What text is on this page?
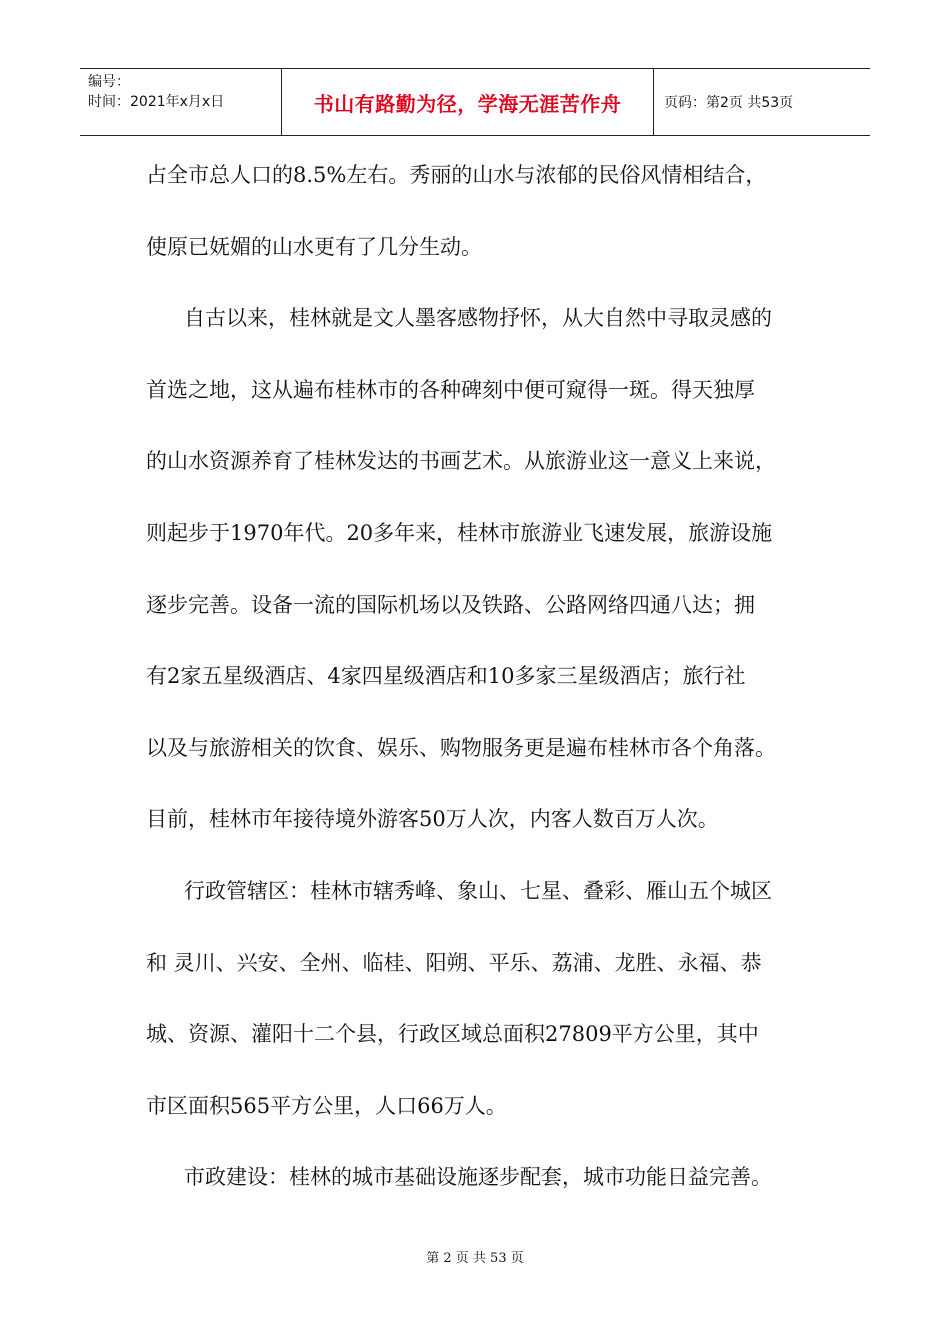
编号：
时间：2021年x月x日	书山有路勤为径，学海无涯苦作舟	页码：第2页 共53页
占全市总人口的8.5%左右。秀丽的山水与浓郁的民俗风情相结合，
使原已妩媚的山水更有了几分生动。
自古以来，桂林就是文人墨客感物抒怀，从大自然中寻取灵感的
首选之地，这从遍布桂林市的各种碑刻中便可窥得一斑。得天独厚
的山水资源养育了桂林发达的书画艺术。从旅游业这一意义上来说，
则起步于1970年代。20多年来，桂林市旅游业飞速发展，旅游设施
逐步完善。设备一流的国际机场以及铁路、公路网络四通八达；拥
有2家五星级酒店、4家四星级酒店和10多家三星级酒店；旅行社
以及与旅游相关的饮食、娱乐、购物服务更是遍布桂林市各个角落。
目前，桂林市年接待境外游客50万人次，内客人数百万人次。
行政管辖区：桂林市辖秀峰、象山、七星、叠彩、雁山五个城区
和 灵川、兴安、全州、临桂、阳朔、平乐、荔浦、龙胜、永福、恭
城、资源、灌阳十二个县，行政区域总面积27809平方公里，其中
市区面积565平方公里，人口66万人。
市政建设：桂林的城市基础设施逐步配套，城市功能日益完善。
第 2 页 共 53 页
